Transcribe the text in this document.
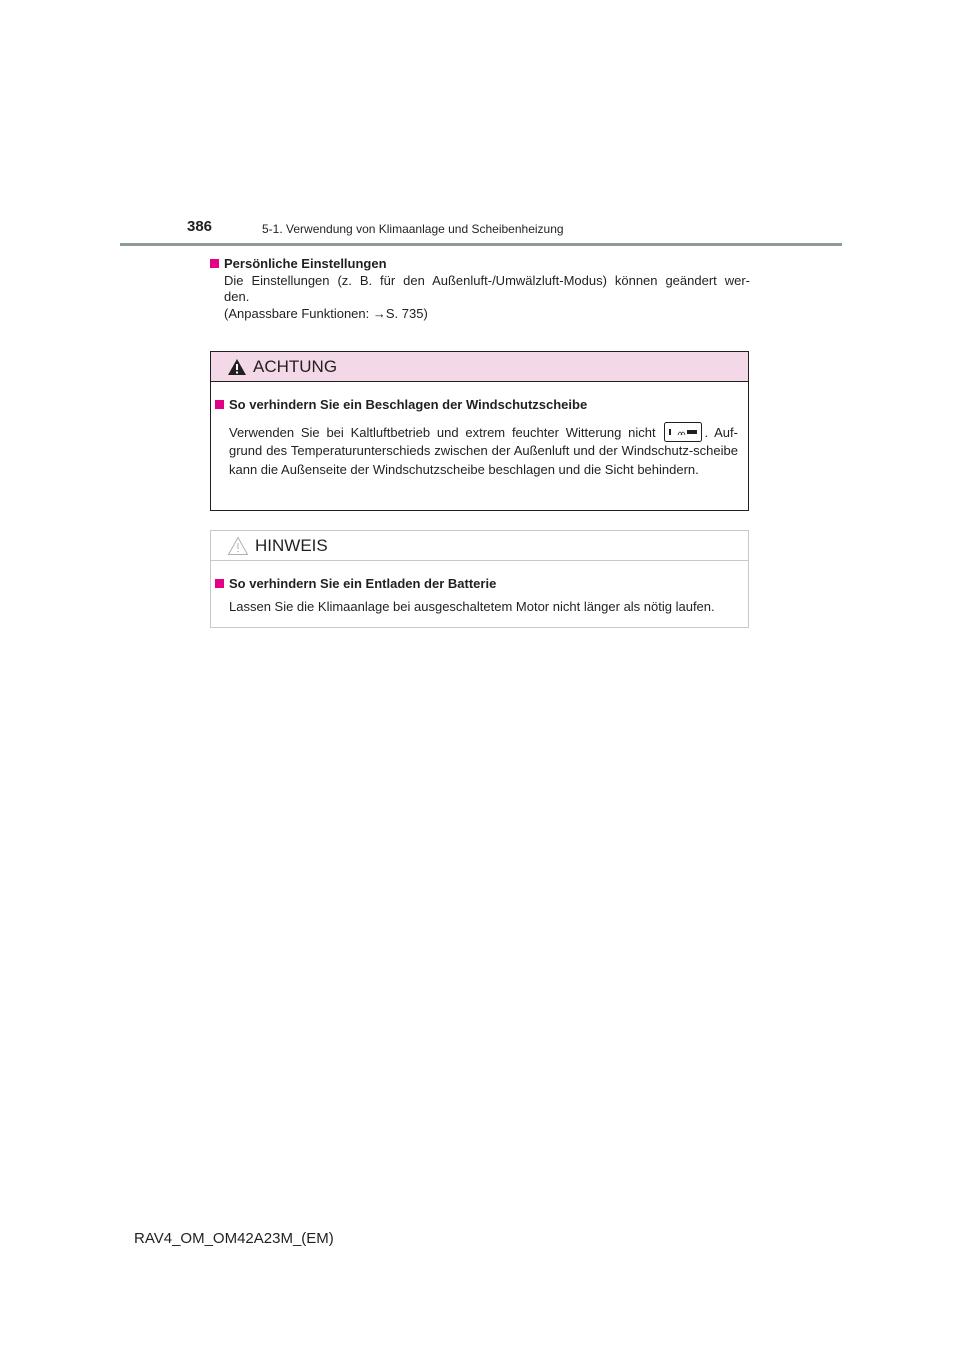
386	5-1. Verwendung von Klimaanlage und Scheibenheizung
Persönliche Einstellungen
Die Einstellungen (z. B. für den Außenluft-/Umwälzluft-Modus) können geändert wer-
den.
(Anpassbare Funktionen: →S. 735)
ACHTUNG
So verhindern Sie ein Beschlagen der Windschutzscheibe
Verwenden Sie bei Kaltluftbetrieb und extrem feuchter Witterung nicht	. Auf-grund des Temperaturunterschieds zwischen der Außenluft und der Windschutz-scheibe kann die Außenseite der Windschutzscheibe beschlagen und die Sicht behindern.
HINWEIS
So verhindern Sie ein Entladen der Batterie
Lassen Sie die Klimaanlage bei ausgeschaltetem Motor nicht länger als nötig laufen.
RAV4_OM_OM42A23M_(EM)
